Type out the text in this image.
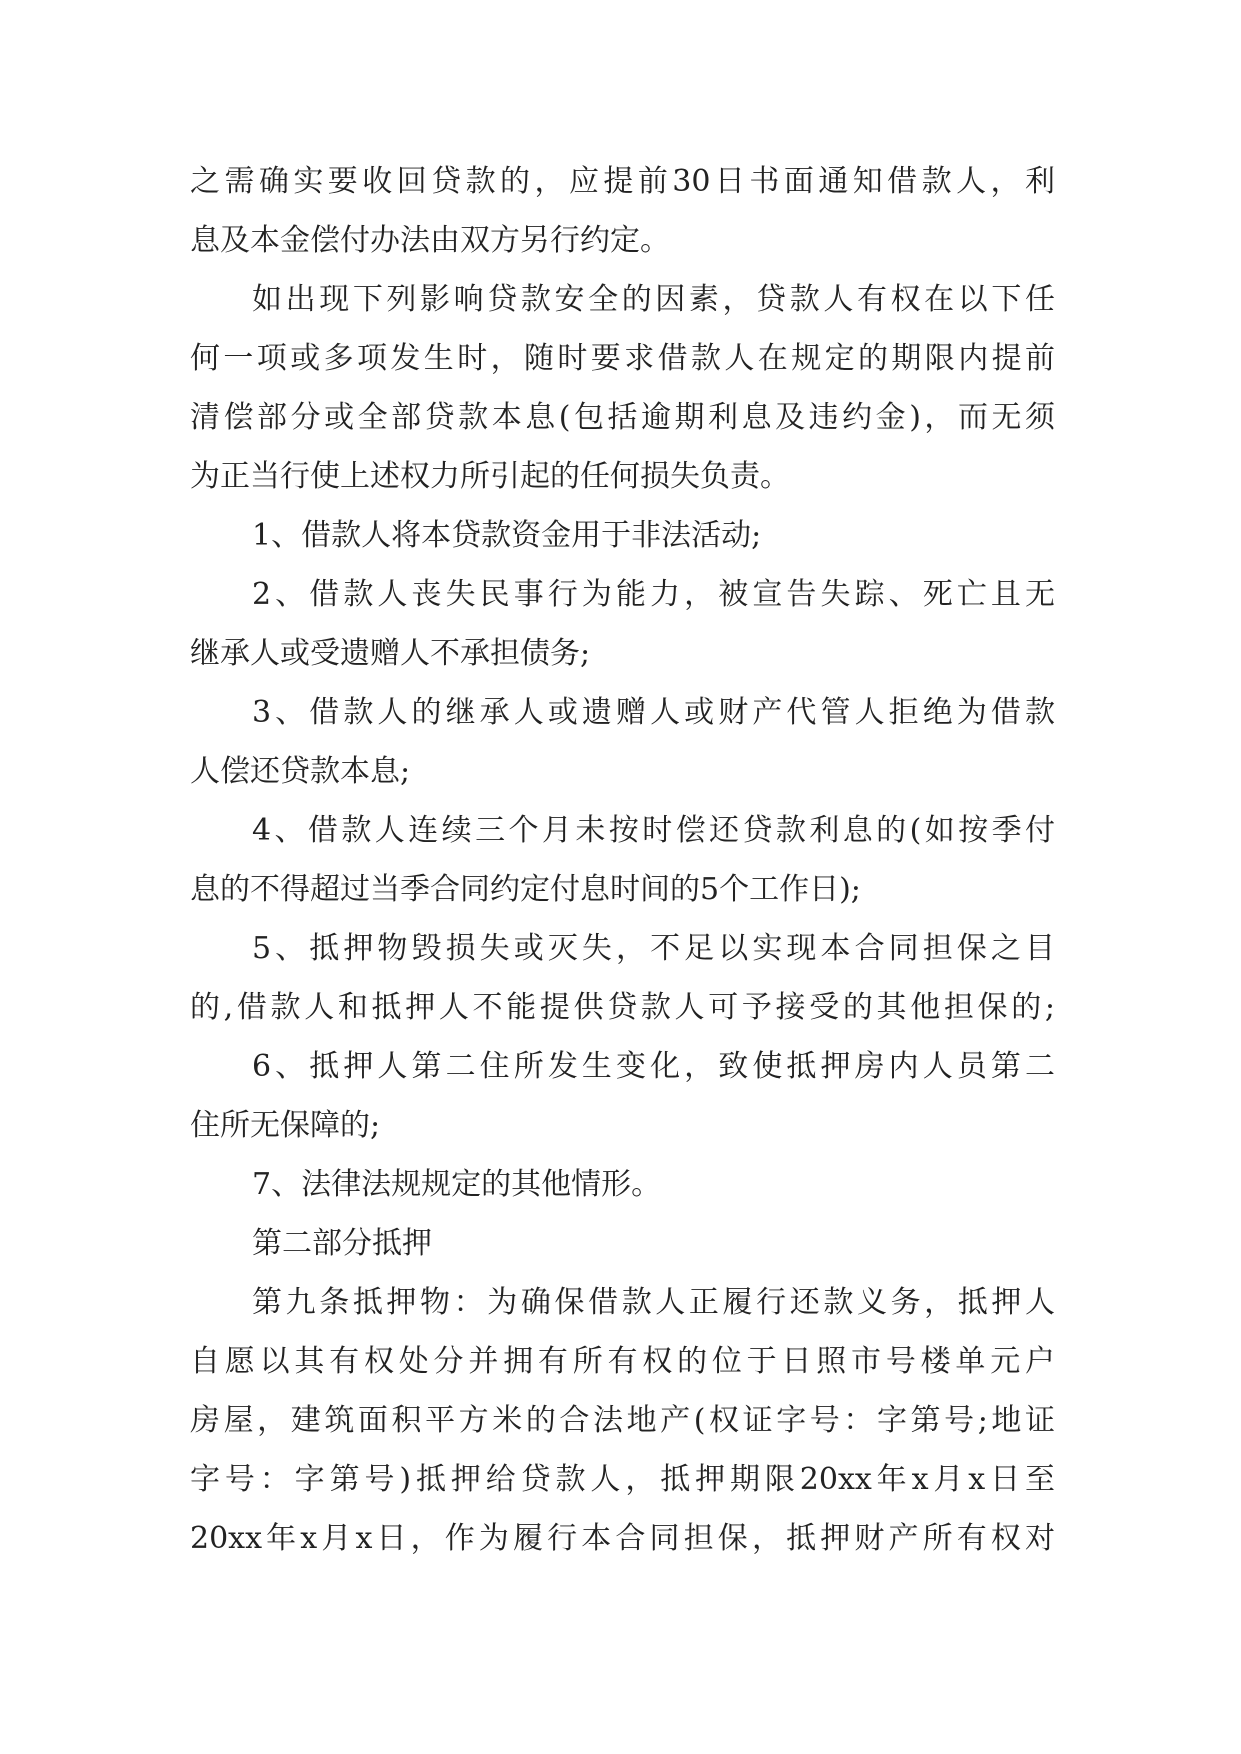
之需确实要收回贷款的，应提前30日书面通知借款人，利
息及本金偿付办法由双方另行约定。
如出现下列影响贷款安全的因素，贷款人有权在以下任
何一项或多项发生时，随时要求借款人在规定的期限内提前
清偿部分或全部贷款本息(包括逾期利息及违约金)，而无须
为正当行使上述权力所引起的任何损失负责。
1、借款人将本贷款资金用于非法活动;
2、借款人丧失民事行为能力，被宣告失踪、死亡且无
继承人或受遗赠人不承担债务;
3、借款人的继承人或遗赠人或财产代管人拒绝为借款
人偿还贷款本息;
4、借款人连续三个月未按时偿还贷款利息的(如按季付
息的不得超过当季合同约定付息时间的5个工作日);
5、抵押物毁损失或灭失，不足以实现本合同担保之目
的,借款人和抵押人不能提供贷款人可予接受的其他担保的;
6、抵押人第二住所发生变化，致使抵押房内人员第二
住所无保障的;
7、法律法规规定的其他情形。
第二部分抵押
第九条抵押物：为确保借款人正履行还款义务，抵押人
自愿以其有权处分并拥有所有权的位于日照市号楼单元户
房屋，建筑面积平方米的合法地产(权证字号：字第号;地证
字号：字第号)抵押给贷款人，抵押期限20xx年x月x日至
20xx年x月x日，作为履行本合同担保，抵押财产所有权对
